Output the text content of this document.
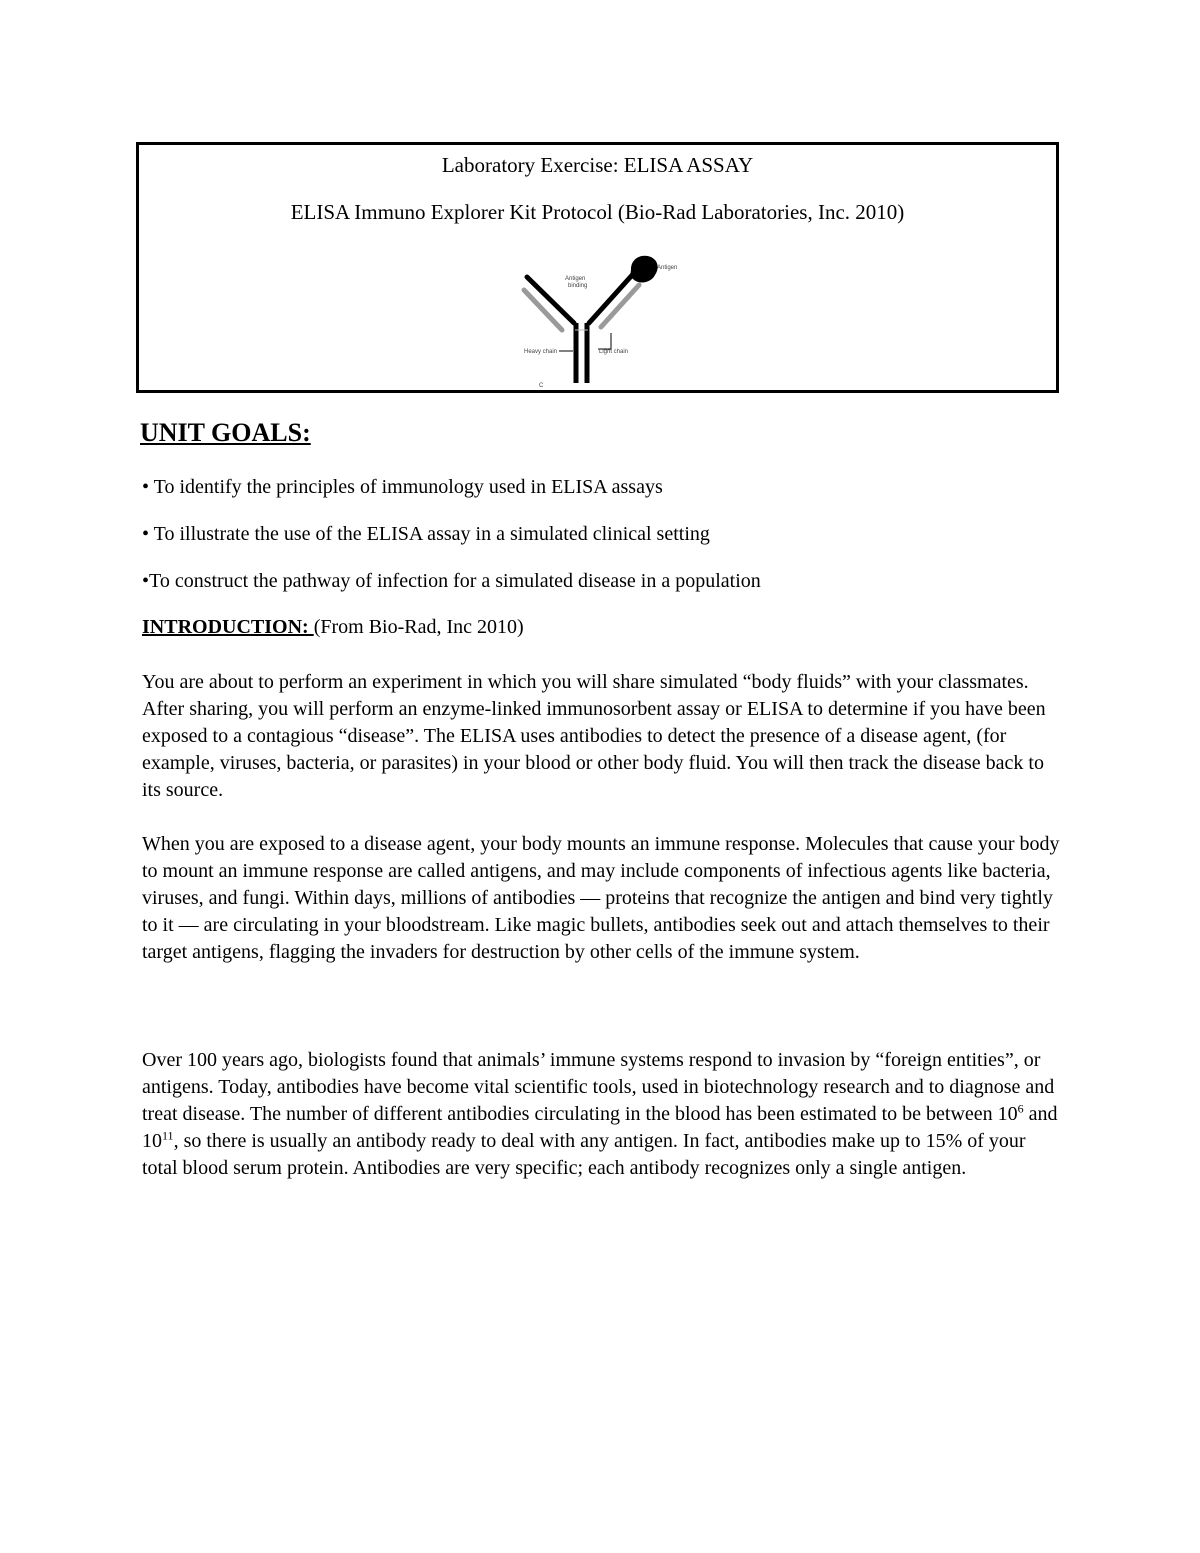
Laboratory Exercise: ELISA ASSAY
ELISA Immuno Explorer Kit Protocol (Bio-Rad Laboratories, Inc. 2010)
Antigen
Antigen
binding
Heavy chain	Light chain
C
UNIT GOALS:
• To identify the principles of immunology used in ELISA assays
• To illustrate the use of the ELISA assay in a simulated clinical setting
•To construct the pathway of infection for a simulated disease in a population
INTRODUCTION: (From Bio-Rad, Inc 2010)

You are about to perform an experiment in which you will share simulated “body fluids” with your classmates. After sharing, you will perform an enzyme-linked immunosorbent assay or ELISA to determine if you have been exposed to a contagious “disease”. The ELISA uses antibodies to detect the presence of a disease agent, (for example, viruses, bacteria, or parasites) in your blood or other body fluid. You will then track the disease back to its source.

When you are exposed to a disease agent, your body mounts an immune response. Molecules that cause your body to mount an immune response are called antigens, and may include components of infectious agents like bacteria, viruses, and fungi. Within days, millions of antibodies — proteins that recognize the antigen and bind very tightly to it — are circulating in your bloodstream. Like magic bullets, antibodies seek out and attach themselves to their target antigens, flagging the invaders for destruction by other cells of the immune system.

Over 100 years ago, biologists found that animals’ immune systems respond to invasion by “foreign entities”, or antigens. Today, antibodies have become vital scientific tools, used in biotechnology research and to diagnose and treat disease. The number of different antibodies circulating in the blood has been estimated to be between $10^6$ and $10^{11}$, so there is usually an antibody ready to deal with any antigen. In fact, antibodies make up to 15% of your total blood serum protein. Antibodies are very specific; each antibody recognizes only a single antigen.
